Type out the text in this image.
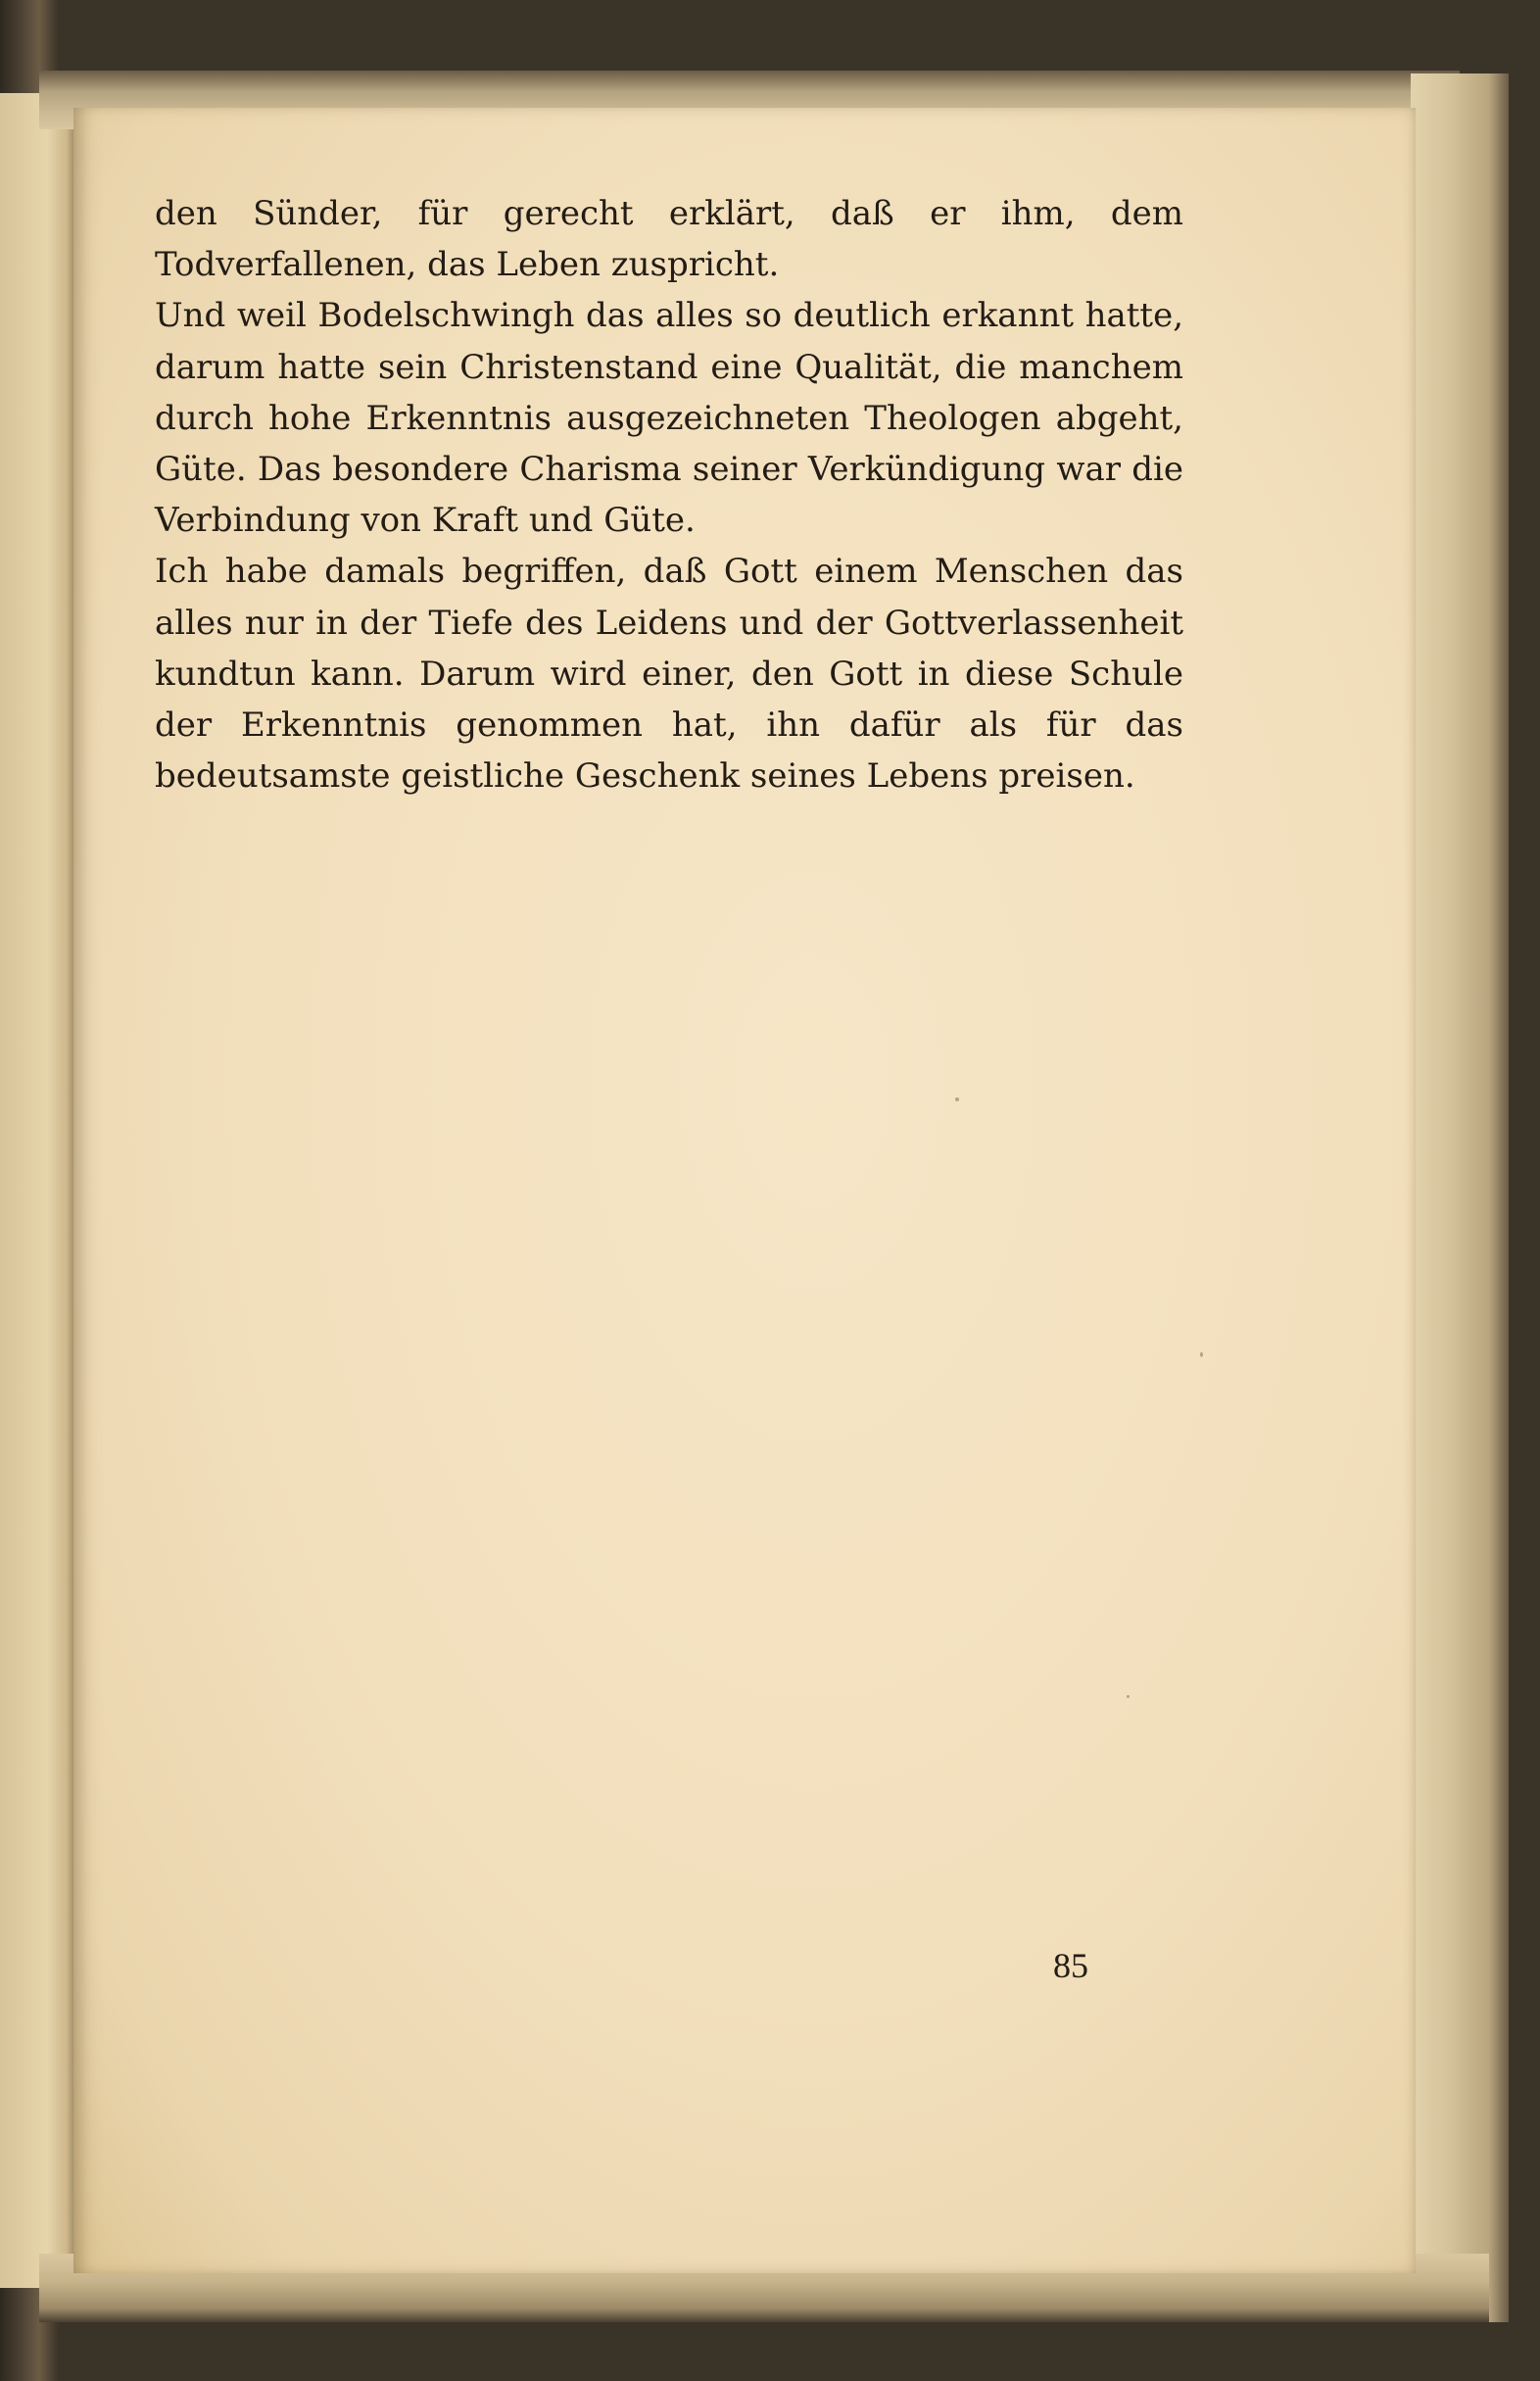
den Sünder, für gerecht erklärt, daß er ihm, dem Todverfallenen, das Leben zuspricht.

Und weil Bodelschwingh das alles so deutlich erkannt hatte, darum hatte sein Christenstand eine Qualität, die manchem durch hohe Erkenntnis ausgezeichneten Theologen abgeht, Güte. Das besondere Charisma seiner Verkündigung war die Verbindung von Kraft und Güte.

Ich habe damals begriffen, daß Gott einem Menschen das alles nur in der Tiefe des Leidens und der Gottverlassenheit kundtun kann. Darum wird einer, den Gott in diese Schule der Erkenntnis genommen hat, ihn dafür als für das bedeutsamste geistliche Geschenk seines Lebens preisen.

85
